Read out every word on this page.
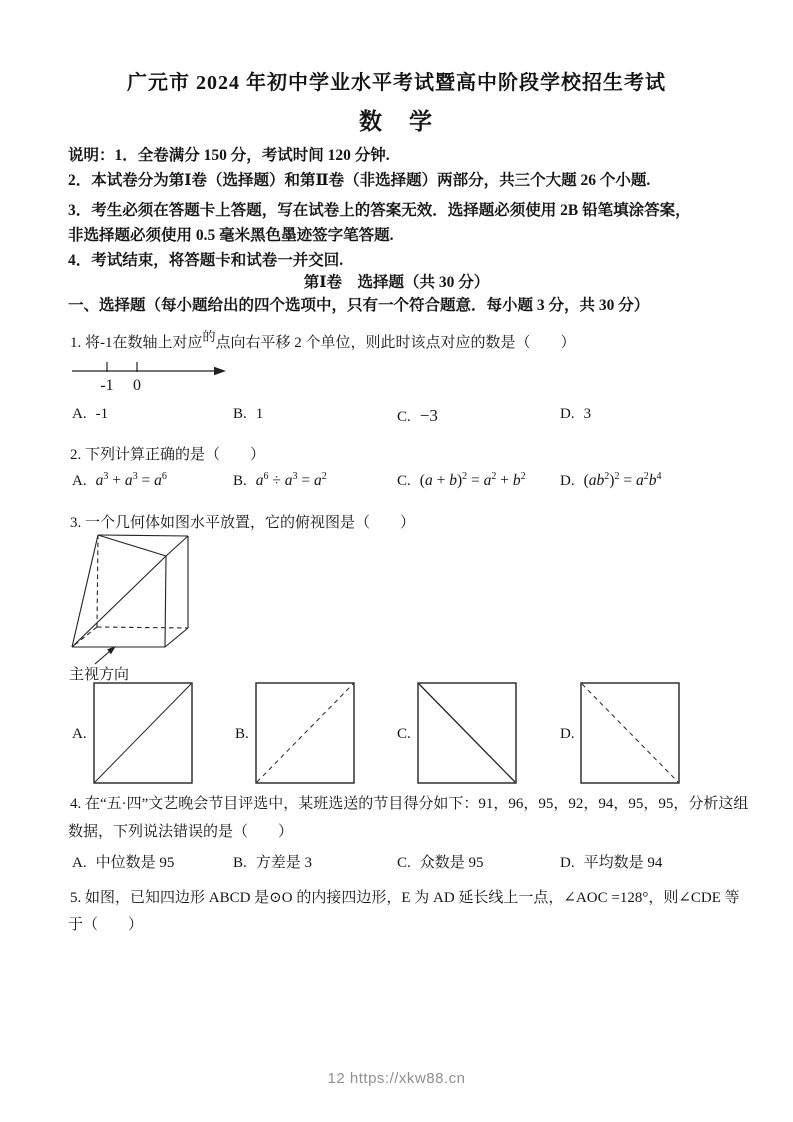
广元市 2024 年初中学业水平考试暨高中阶段学校招生考试
数　学
说明：1．全卷满分 150 分，考试时间 120 分钟.
2．本试卷分为第Ⅰ卷（选择题）和第Ⅱ卷（非选择题）两部分，共三个大题 26 个小题.
3．考生必须在答题卡上答题，写在试卷上的答案无效．选择题必须使用 2B 铅笔填涂答案，
非选择题必须使用 0.5 毫米黑色墨迹签字笔答题.
4．考试结束，将答题卡和试卷一并交回.
第Ⅰ卷　选择题（共 30 分）
一、选择题（每小题给出的四个选项中，只有一个符合题意．每小题 3 分，共 30 分）
1. 将-1在数轴上对应的点向右平移 2 个单位，则此时该点对应的数是（　　）
-1 0
A. -1	B. 1	C. −3	D. 3
2. 下列计算正确的是（　　）
A. $a^3 + a^3 = a^6$	B. $a^6 \div a^3 = a^2$	C. $(a + b)^2 = a^2 + b^2$ D. $(ab^2)^2 = a^2b^4$
3. 一个几何体如图水平放置，它的俯视图是（　　）
主视方向
A.	B.	C.	D.
4. 在“五·四”文艺晚会节目评选中，某班选送的节目得分如下：91，96，95，92，94，95，95，分析这组
数据，下列说法错误的是（　　）
A. 中位数是 95	B. 方差是 3	C. 众数是 95	D. 平均数是 94
5. 如图，已知四边形 ABCD 是⊙O 的内接四边形，E 为 AD 延长线上一点，∠AOC =128°，则∠CDE 等
于（　　）
12 https://xkw88.cn
